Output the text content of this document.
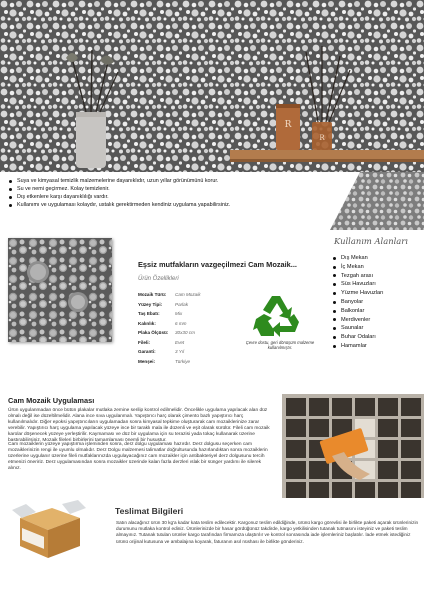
R
R
Suya ve kimyasal temizlik malzemelerine dayanıklıdır, uzun yıllar görünümünü korur.
Su ve nemi geçirmez. Kolay temizlenir.
Dış etkenlere karşı dayanıklılığı vardır.
Kullanımı ve uygulaması kolaydır, ustalık gerektirmeden kendiniz uygulama yapabilirsiniz.
Eşsiz mutfakların vazgeçilmezi Cam Mozaik...
Ürün Özellikleri
Mozaik Türü:	Cam Mozaik
Yüzey Tipi:	Parlak
Taş Ebatı:	Mix
Kalınlık:	6 mm
Plaka Ölçüsü:	30x30 cm
Fileli:	Evet
Garanti:	3 Yıl
Menşei:	Türkiye
Çevre dostu, geri dönüşüm malzeme kullanılmıştır.
Kullanım Alanları
Dış Mekan
İç Mekan
Tezgah arası
Süs Havuzları
Yüzme Havuzları
Banyolar
Balkonlar
Merdivenler
Saunalar
Buhar Odaları
Hamamlar
Cam Mozaik Uygulaması

Ürün uygulanmadan önce bütün plakalar mutlaka zemine serilip kontrol edilmelidir. Öncelikle uygulama yapılacak alan düz olmalı değil ise düzeltilmelidir. Alana ince sıva uygulanmalı. Yapıştırıcı harç olarak çimento bazlı yapıştırıcı harç kullanılmalıdır. Diğer epoksi yapıştırıcıların uygulamadan sonra kimyasal tepkime oluşturarak cam mozaiklerinize zarar verebilir. Yapıştırıcı harç uygulama yapılacak yüzeye ince bir taraklı mala ile düzenli ve eşit olarak sürülür. Fileli cam mozaik karolar döşenecek yüzeye yerleştirilir. Kaymaması ve düz bir uygulama için su terazisi yada tokaç kullanarak üzerine bastırabilirsiniz. Mozaik fileleri birbirlerini tamamlaması önemli bir husustur.

Cam mozaiklerin yüzeye yapıştırma işleminden sonra, derz dolgu uygulaması hazırdır. Derz dolgusu seçerken cam mozaiklerinizin rengi ile uyumlu olmalıdır. Derz Dolgu malzemesi talimatlar doğrultusunda hazırlandıktan sonra mozaiklerin üzerlerine uygulanır üzerine fileli mutfaklarınızda uygulayacağınız cam mozaikler için antibakteriyel derz dolgusunu tercih etmenizi öneririz. Derz uygulamasından sonra mozaikler üzerinde kalan fazla derzleri ıslak bir sünger yardımı ile silerek alınız.

Teslimat Bilgileri

Satın alacağınız ürün 30 kg'a kadar kata teslim edilecektir. Kargonuz teslim edildiğinde, ürünü kargo görevlisi ile birlikte paketi açarak ürünlerinizin durumunu mutlaka kontrol ediniz. Ürünlerinizde bir hasar gördüğünüz takdirde, kargo yetkilisinden tutanak tutmasını isteyiniz ve paketi teslim almayınız. Tutanak tutulan ürünler kargo tarafından firmamıza ulaştırılır ve kontrol sonrasında iade işlemleriniz başlatılır. İade etmek istediğiniz ürünü orijinal kutusuna ve ambalajına koyarak, faturanın asıl nüshası ile birlikte gönderiniz.
